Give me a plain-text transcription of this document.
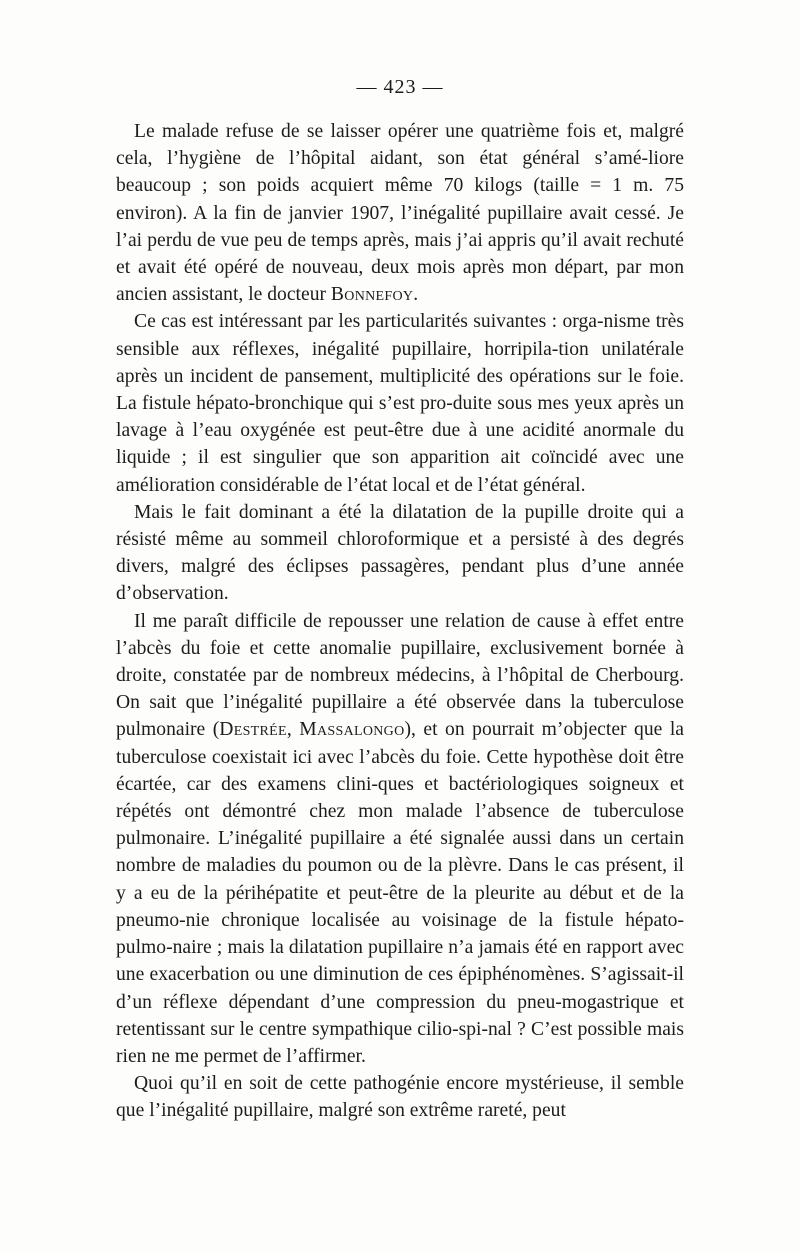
— 423 —

Le malade refuse de se laisser opérer une quatrième fois et, malgré cela, l’hygiène de l’hôpital aidant, son état général s’amé-liore beaucoup ; son poids acquiert même 70 kilogs (taille = 1 m. 75 environ). A la fin de janvier 1907, l’inégalité pupillaire avait cessé. Je l’ai perdu de vue peu de temps après, mais j’ai appris qu’il avait rechuté et avait été opéré de nouveau, deux mois après mon départ, par mon ancien assistant, le docteur Bonnefoy.

Ce cas est intéressant par les particularités suivantes : orga-nisme très sensible aux réflexes, inégalité pupillaire, horripila-tion unilatérale après un incident de pansement, multiplicité des opérations sur le foie. La fistule hépato-bronchique qui s’est pro-duite sous mes yeux après un lavage à l’eau oxygénée est peut-être due à une acidité anormale du liquide ; il est singulier que son apparition ait coïncidé avec une amélioration considérable de l’état local et de l’état général.

Mais le fait dominant a été la dilatation de la pupille droite qui a résisté même au sommeil chloroformique et a persisté à des degrés divers, malgré des éclipses passagères, pendant plus d’une année d’observation.

Il me paraît difficile de repousser une relation de cause à effet entre l’abcès du foie et cette anomalie pupillaire, exclusivement bornée à droite, constatée par de nombreux médecins, à l’hôpital de Cherbourg. On sait que l’inégalité pupillaire a été observée dans la tuberculose pulmonaire (Destrée, Massalongo), et on pourrait m’objecter que la tuberculose coexistait ici avec l’abcès du foie. Cette hypothèse doit être écartée, car des examens clini-ques et bactériologiques soigneux et répétés ont démontré chez mon malade l’absence de tuberculose pulmonaire. L’inégalité pupillaire a été signalée aussi dans un certain nombre de maladies du poumon ou de la plèvre. Dans le cas présent, il y a eu de la périhépatite et peut-être de la pleurite au début et de la pneumo-nie chronique localisée au voisinage de la fistule hépato-pulmo-naire ; mais la dilatation pupillaire n’a jamais été en rapport avec une exacerbation ou une diminution de ces épiphénomènes. S’agissait-il d’un réflexe dépendant d’une compression du pneu-mogastrique et retentissant sur le centre sympathique cilio-spi-nal ? C’est possible mais rien ne me permet de l’affirmer.

Quoi qu’il en soit de cette pathogénie encore mystérieuse, il semble que l’inégalité pupillaire, malgré son extrême rareté, peut
